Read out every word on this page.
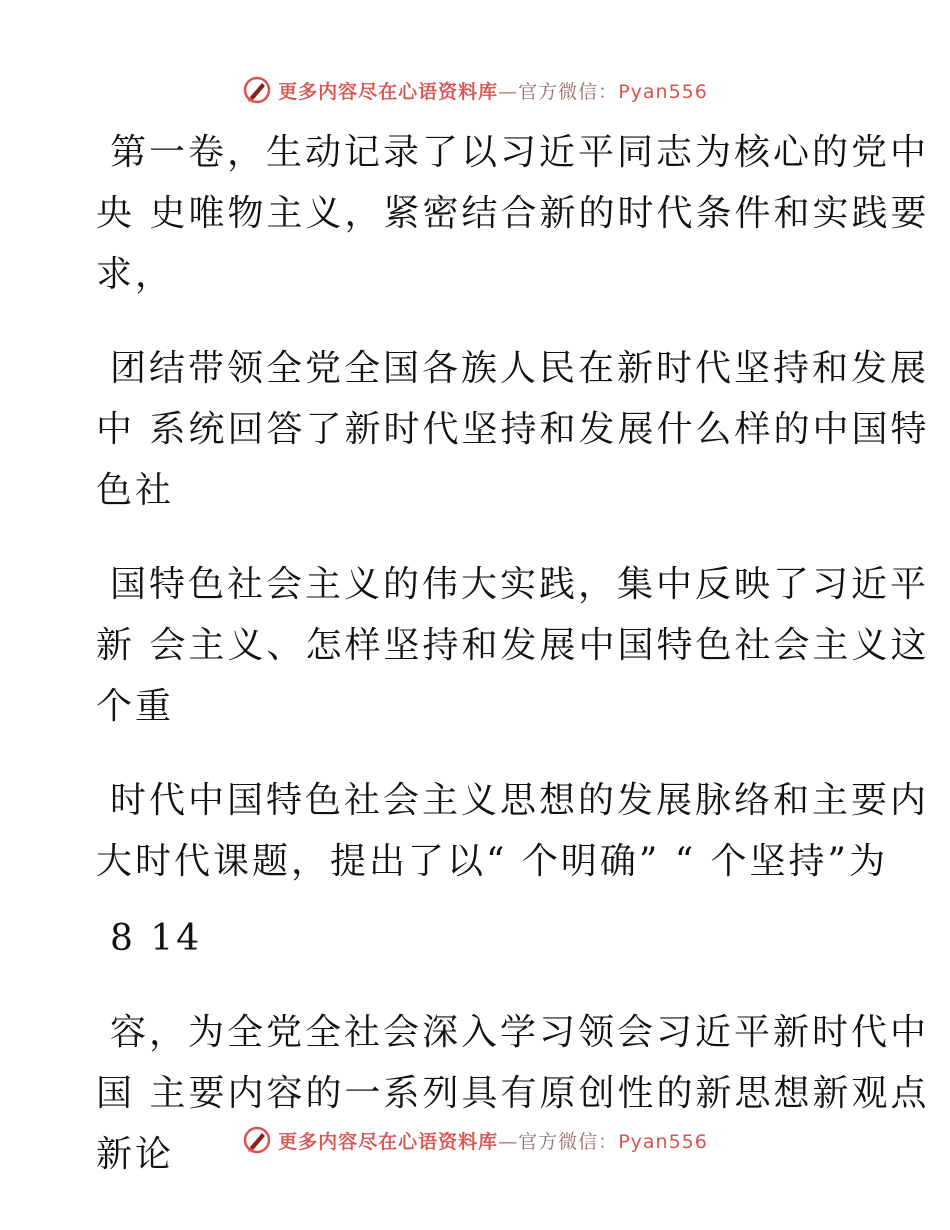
更多内容尽在心语资料库—官方微信：Pyan556
第一卷，生动记录了以习近平同志为核心的党中
央 史唯物主义，紧密结合新的时代条件和实践要
求，
团结带领全党全国各族人民在新时代坚持和发展
中 系统回答了新时代坚持和发展什么样的中国特
色社
国特色社会主义的伟大实践，集中反映了习近平
新 会主义、怎样坚持和发展中国特色社会主义这
个重
时代中国特色社会主义思想的发展脉络和主要内
大时代课题，提出了以“ 个明确” “ 个坚持”为
8 14
容，为全党全社会深入学习领会习近平新时代中
国 主要内容的一系列具有原创性的新思想新观点
新论	更多内容尽在心语资料库—官方微信：Pyan556
